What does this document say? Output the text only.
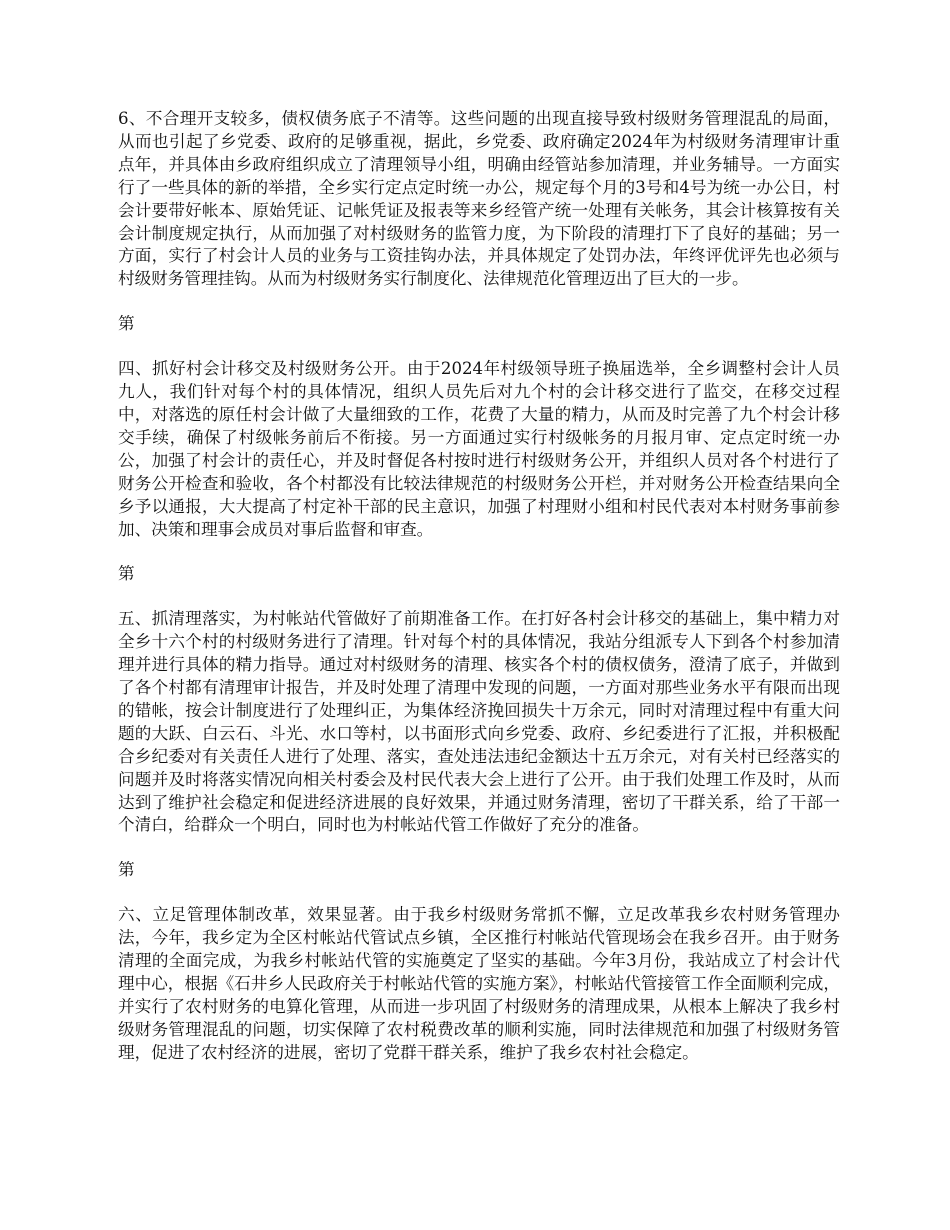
6、不合理开支较多，债权债务底子不清等。这些问题的出现直接导致村级财务管理混乱的局面，从而也引起了乡党委、政府的足够重视，据此，乡党委、政府确定2024年为村级财务清理审计重点年，并具体由乡政府组织成立了清理领导小组，明确由经管站参加清理，并业务辅导。一方面实行了一些具体的新的举措，全乡实行定点定时统一办公，规定每个月的3号和4号为统一办公日，村会计要带好帐本、原始凭证、记帐凭证及报表等来乡经管产统一处理有关帐务，其会计核算按有关会计制度规定执行，从而加强了对村级财务的监管力度，为下阶段的清理打下了良好的基础；另一方面，实行了村会计人员的业务与工资挂钩办法，并具体规定了处罚办法，年终评优评先也必须与村级财务管理挂钩。从而为村级财务实行制度化、法律规范化管理迈出了巨大的一步。

第

四、抓好村会计移交及村级财务公开。由于2024年村级领导班子换届选举，全乡调整村会计人员九人，我们针对每个村的具体情况，组织人员先后对九个村的会计移交进行了监交，在移交过程中，对落选的原任村会计做了大量细致的工作，花费了大量的精力，从而及时完善了九个村会计移交手续，确保了村级帐务前后不衔接。另一方面通过实行村级帐务的月报月审、定点定时统一办公，加强了村会计的责任心，并及时督促各村按时进行村级财务公开，并组织人员对各个村进行了财务公开检查和验收，各个村都没有比较法律规范的村级财务公开栏，并对财务公开检查结果向全乡予以通报，大大提高了村定补干部的民主意识，加强了村理财小组和村民代表对本村财务事前参加、决策和理事会成员对事后监督和审查。

第

五、抓清理落实，为村帐站代管做好了前期准备工作。在打好各村会计移交的基础上，集中精力对全乡十六个村的村级财务进行了清理。针对每个村的具体情况，我站分组派专人下到各个村参加清理并进行具体的精力指导。通过对村级财务的清理、核实各个村的债权债务，澄清了底子，并做到了各个村都有清理审计报告，并及时处理了清理中发现的问题，一方面对那些业务水平有限而出现的错帐，按会计制度进行了处理纠正，为集体经济挽回损失十万余元，同时对清理过程中有重大问题的大跃、白云石、斗光、水口等村，以书面形式向乡党委、政府、乡纪委进行了汇报，并积极配合乡纪委对有关责任人进行了处理、落实，查处违法违纪金额达十五万余元，对有关村已经落实的问题并及时将落实情况向相关村委会及村民代表大会上进行了公开。由于我们处理工作及时，从而达到了维护社会稳定和促进经济进展的良好效果，并通过财务清理，密切了干群关系，给了干部一个清白，给群众一个明白，同时也为村帐站代管工作做好了充分的准备。

第

六、立足管理体制改革，效果显著。由于我乡村级财务常抓不懈，立足改革我乡农村财务管理办法，今年，我乡定为全区村帐站代管试点乡镇，全区推行村帐站代管现场会在我乡召开。由于财务清理的全面完成，为我乡村帐站代管的实施奠定了坚实的基础。今年3月份，我站成立了村会计代理中心，根据《石井乡人民政府关于村帐站代管的实施方案》，村帐站代管接管工作全面顺利完成，并实行了农村财务的电算化管理，从而进一步巩固了村级财务的清理成果，从根本上解决了我乡村级财务管理混乱的问题，切实保障了农村税费改革的顺利实施，同时法律规范和加强了村级财务管理，促进了农村经济的进展，密切了党群干群关系，维护了我乡农村社会稳定。
